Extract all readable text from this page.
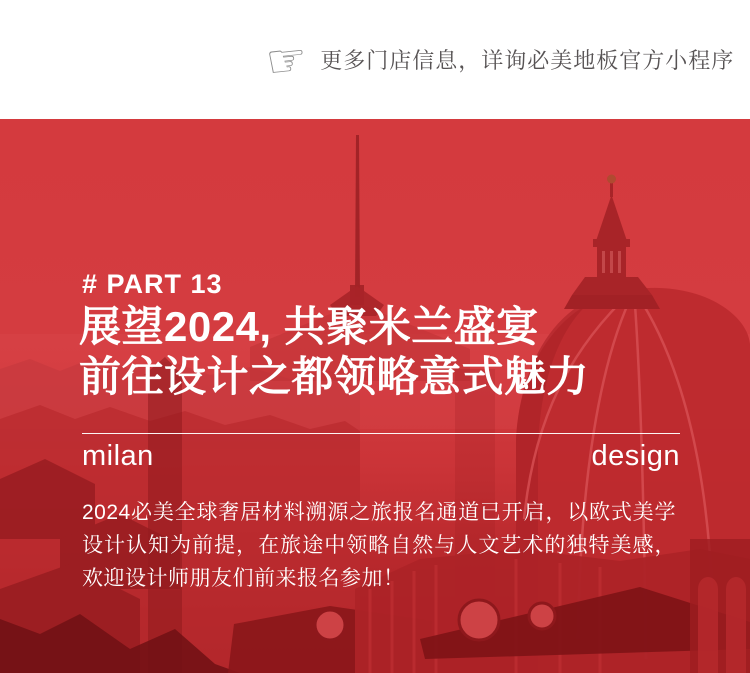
☞ 更多门店信息，详询必美地板官方小程序
# PART 13
展望2024, 共聚米兰盛宴
前往设计之都领略意式魅力
milan	design

2024必美全球奢居材料溯源之旅报名通道已开启，以欧式美学设计认知为前提，在旅途中领略自然与人文艺术的独特美感，欢迎设计师朋友们前来报名参加！
